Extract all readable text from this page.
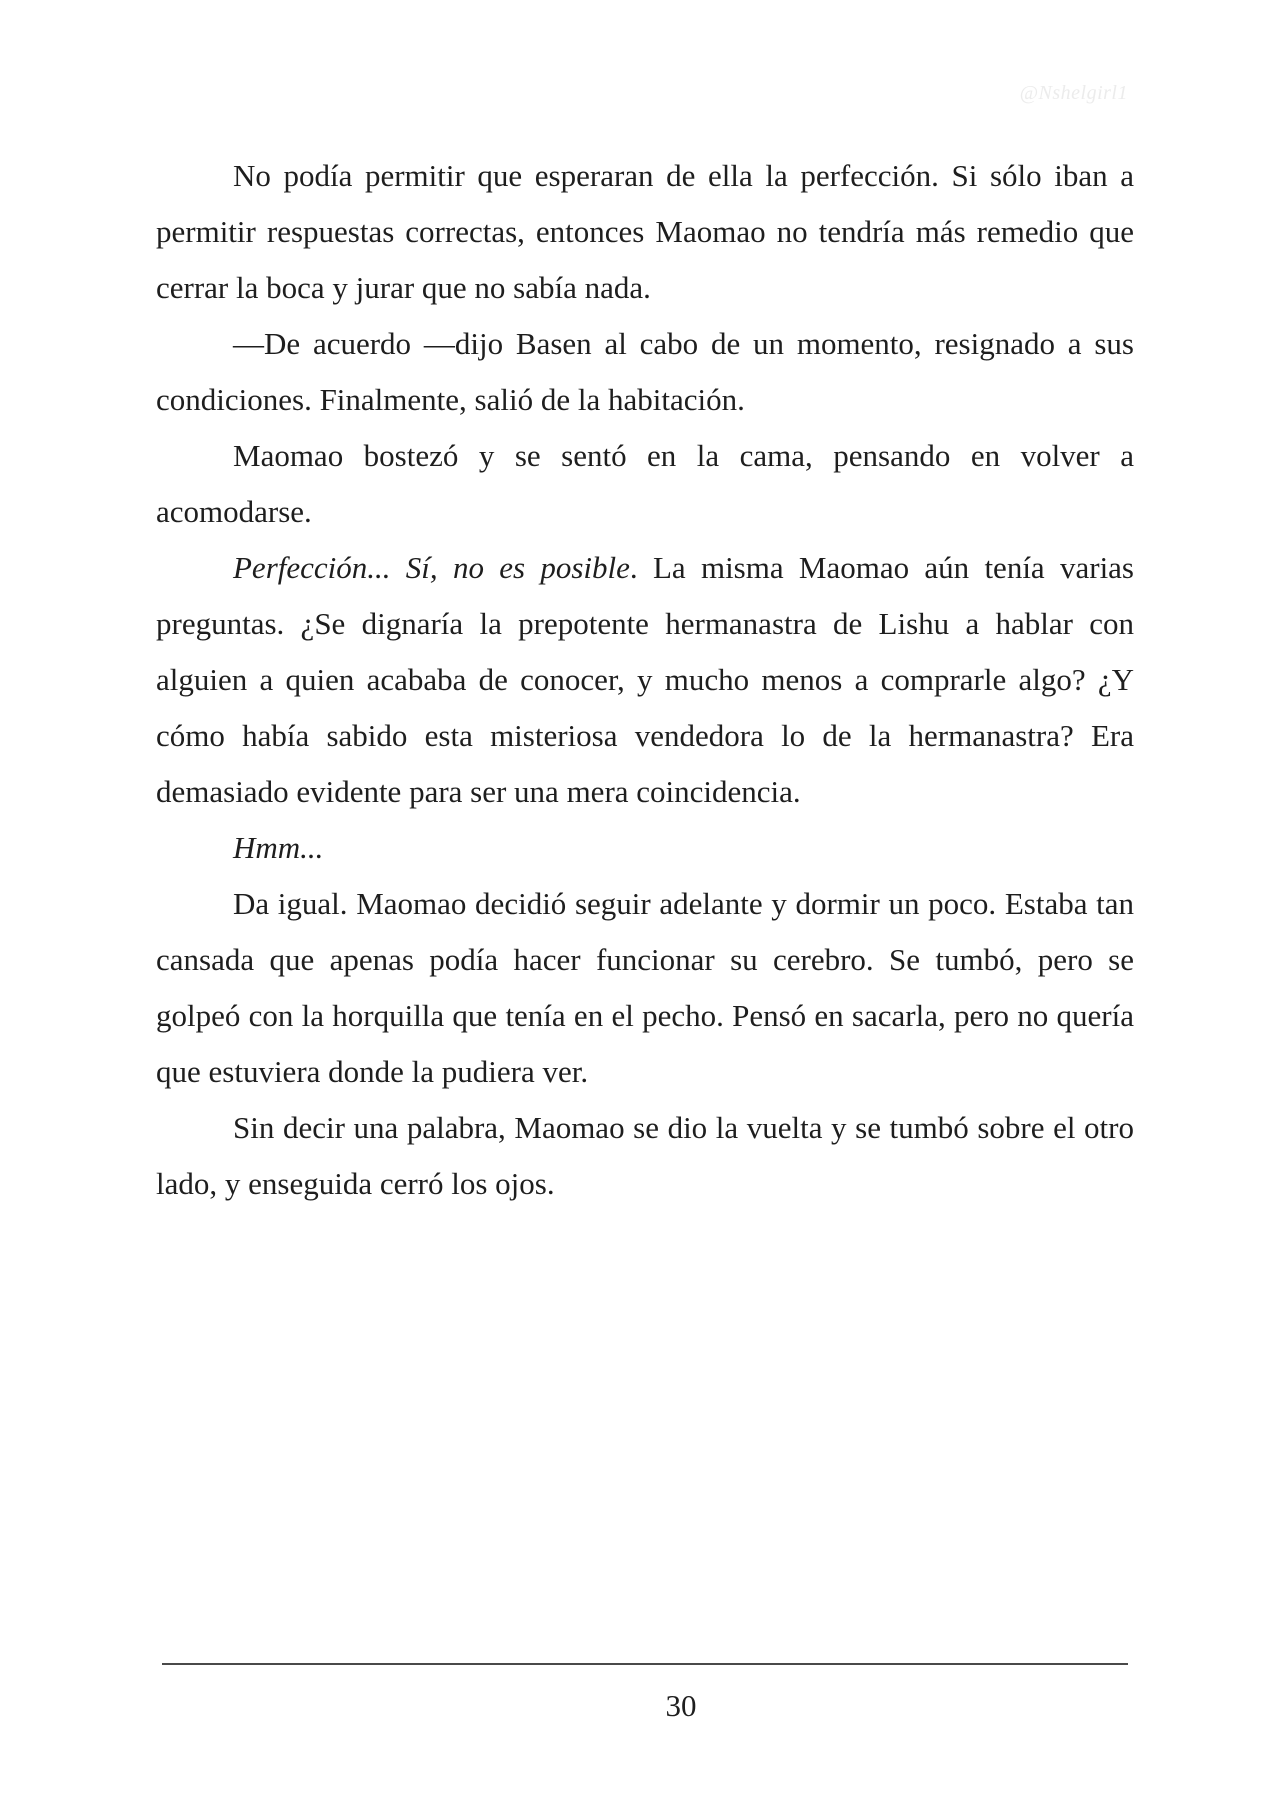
@Nshelgirl1

No podía permitir que esperaran de ella la perfección. Si sólo iban a permitir respuestas correctas, entonces Maomao no tendría más remedio que cerrar la boca y jurar que no sabía nada.

—De acuerdo —dijo Basen al cabo de un momento, resignado a sus condiciones. Finalmente, salió de la habitación.

Maomao bostezó y se sentó en la cama, pensando en volver a acomodarse.

Perfección... Sí, no es posible. La misma Maomao aún tenía varias preguntas. ¿Se dignaría la prepotente hermanastra de Lishu a hablar con alguien a quien acababa de conocer, y mucho menos a comprarle algo? ¿Y cómo había sabido esta misteriosa vendedora lo de la hermanastra? Era demasiado evidente para ser una mera coincidencia.

Hmm...

Da igual. Maomao decidió seguir adelante y dormir un poco. Estaba tan cansada que apenas podía hacer funcionar su cerebro. Se tumbó, pero se golpeó con la horquilla que tenía en el pecho. Pensó en sacarla, pero no quería que estuviera donde la pudiera ver.

Sin decir una palabra, Maomao se dio la vuelta y se tumbó sobre el otro lado, y enseguida cerró los ojos.

30
